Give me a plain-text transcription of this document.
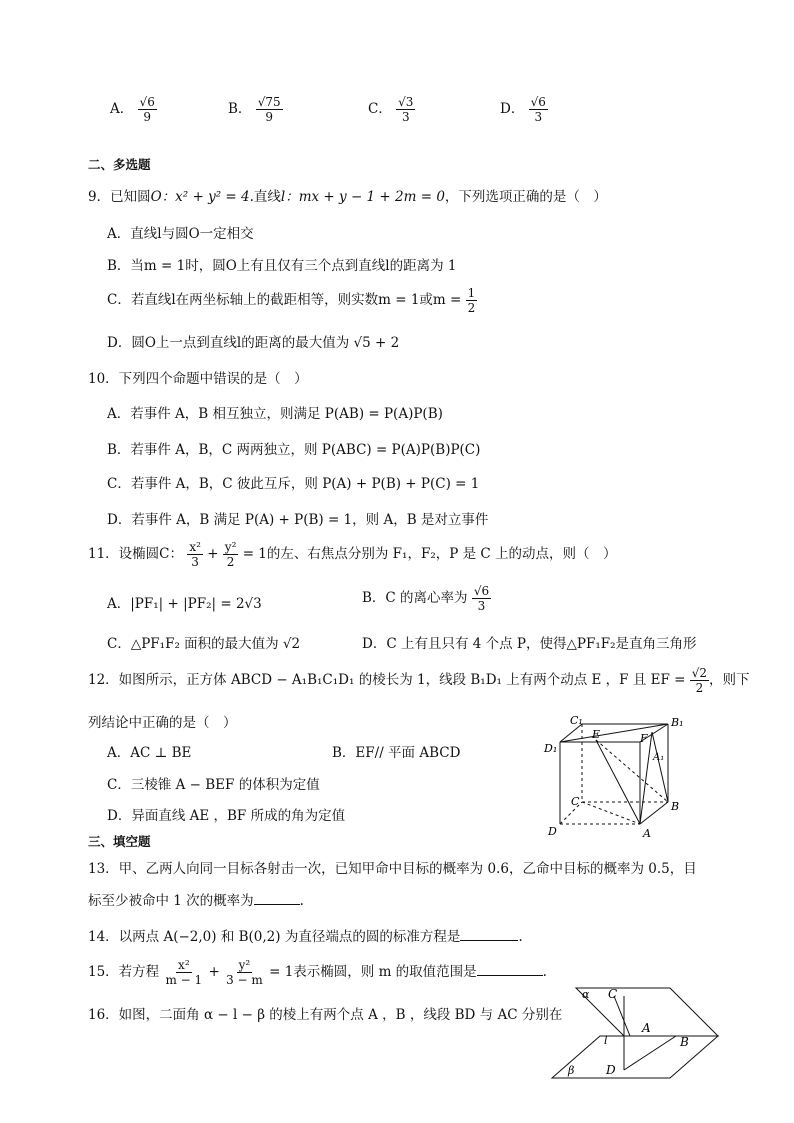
A． $\frac{√6}{9}$	B． $\frac{√75}{9}$	C． $\frac{√3}{3}$	D． $\frac{√6}{3}$
二、多选题
9．已知圆O：x² + y² = 4.直线l：mx + y − 1 + 2m = 0，下列选项正确的是（　）
A．直线l与圆O一定相交
B．当m = 1时，圆O上有且仅有三个点到直线l的距离为 1
C．若直线l在两坐标轴上的截距相等，则实数m = 1或$m = \frac{1}{2}$
D．圆O上一点到直线l的距离的最大值为 √5 + 2
10．下列四个命题中错误的是（　）
A．若事件 A，B 相互独立，则满足 P(AB) = P(A)P(B)
B．若事件 A，B，C 两两独立，则 P(ABC) = P(A)P(B)P(C)
C．若事件 A，B，C 彼此互斥，则 P(A) + P(B) + P(C) = 1
D．若事件 A，B 满足 P(A) + P(B) = 1，则 A，B 是对立事件
11．设椭圆C： $\frac{\text{x²}}{3} + \frac{\text{y²}}{2} = 1$的左、右焦点分别为 F₁，F₂，P 是 C 上的动点，则（　）
A．|PF₁| + |PF₂| = 2√3	B．C 的离心率为 $\frac{√6}{3}$
C．△PF₁F₂ 面积的最大值为 √2	D．C 上有且只有 4 个点 P，使得△PF₁F₂是直角三角形
12．如图所示，正方体 ABCD − A₁B₁C₁D₁ 的棱长为 1，线段 B₁D₁ 上有两个动点 E ，F 且 EF = $\frac{√2}{2}$ ，则下
列结论中正确的是（　）
A．AC ⊥ BE	B．EF// 平面 ABCD
C．三棱锥 A − BEF 的体积为定值
D．异面直线 AE ，BF 所成的角为定值
C₁	B₁
D₁
A₁
E	F
C	B
D	A
三、填空题
13．甲、乙两人向同一目标各射击一次，已知甲命中目标的概率为 0.6，乙命中目标的概率为 0.5，目
标至少被命中 1 次的概率为	.
14．以两点 A(−2,0) 和 B(0,2) 为直径端点的圆的标准方程是	.
15．若方程 $\frac{\text{x²}}{m - 1} + \frac{\text{y²}}{3 - m} = 1$表示椭圆，则 m 的取值范围是	.
16．如图，二面角 α − l − β 的棱上有两个点 A ，B ，线段 BD 与 AC 分别在
α
β
C
A
l	B
D
